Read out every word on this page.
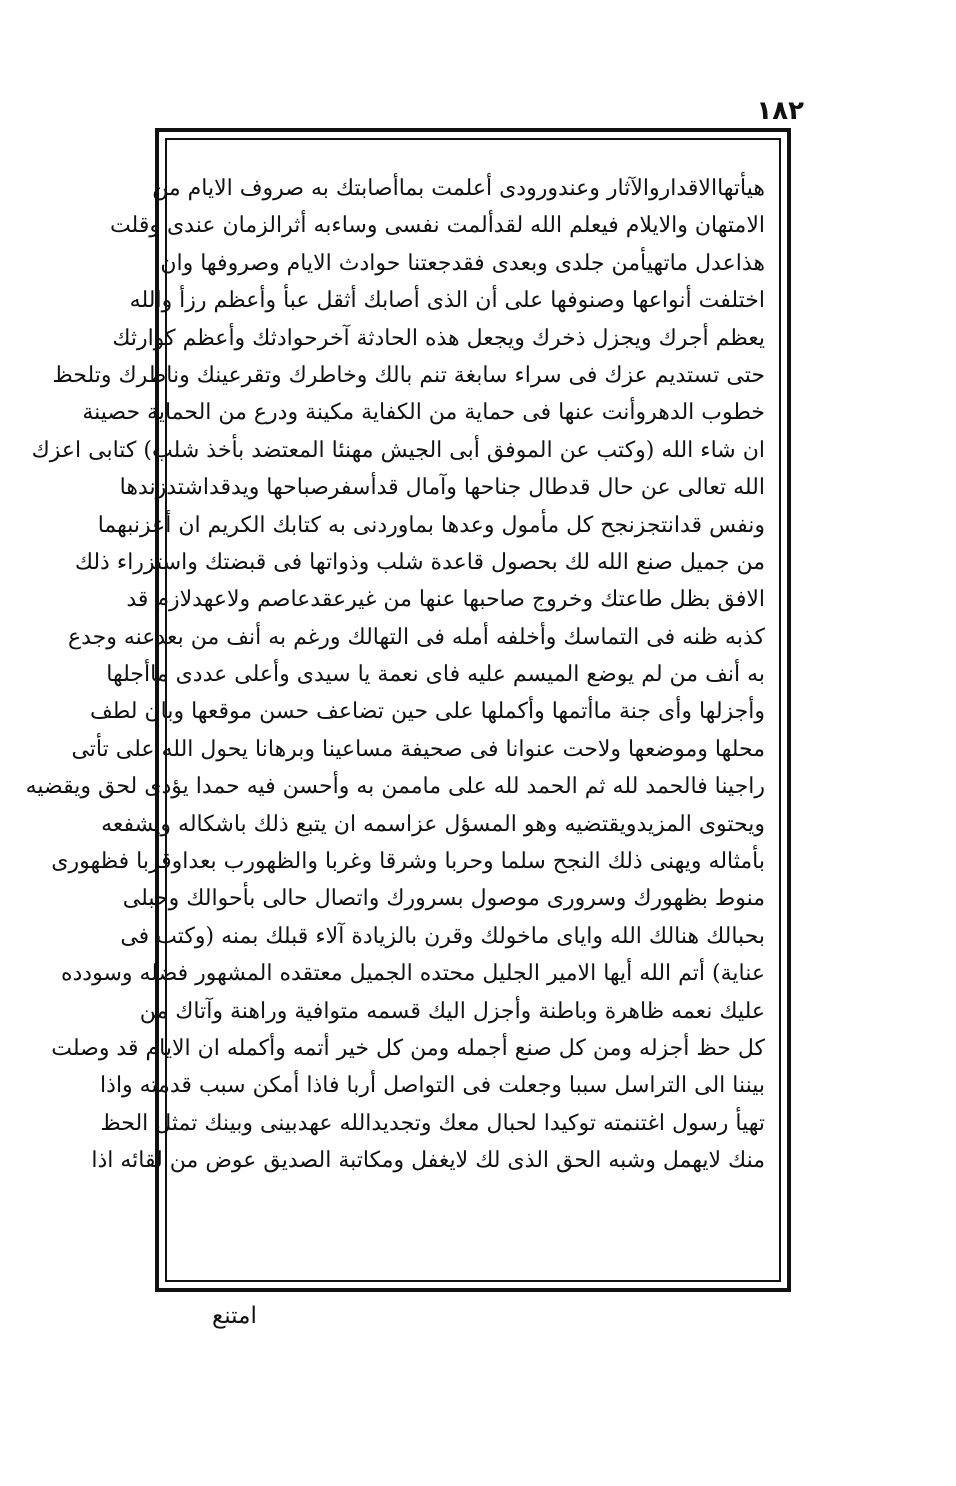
١٨٢
هيأتهاالاقداروالآثار وعندورودى أعلمت بماأصابتك به صروف الايام من
الامتهان والايلام فيعلم الله لقدألمت نفسى وساءبه أثرالزمان عندى وقلت
هذاعدل ماتهيأمن جلدى وبعدى فقدجعتنا حوادث الايام وصروفها وان
اختلفت أنواعها وصنوفها على أن الذى أصابك أثقل عبأ وأعظم رزأ والله
يعظم أجرك ويجزل ذخرك ويجعل هذه الحادثة آخرحوادثك وأعظم كوارثك
حتى تستديم عزك فى سراء سابغة تنم بالك وخاطرك وتقرعينك وناظرك وتلحظ
خطوب الدهروأنت عنها فى حماية من الكفاية مكينة ودرع من الحماية حصينة
ان شاء الله (وكتب عن الموفق أبى الجيش مهنئا المعتضد بأخذ شلب) كتابى اعزك
الله تعالى عن حال قدطال جناحها وآمال قدأسفرصباحها ويدقداشتدزندها
ونفس قدانتجزنجح كل مأمول وعدها بماوردنى به كتابك الكريم ان أعزنبهما
من جميل صنع الله لك بحصول قاعدة شلب وذواتها فى قبضتك واستزراء ذلك
الافق بظل طاعتك وخروج صاحبها عنها من غيرعقدعاصم ولاعهدلازم قد
كذبه ظنه فى التماسك وأخلفه أمله فى التهالك ورغم به أنف من بعدعنه وجدع
به أنف من لم يوضع الميسم عليه فاى نعمة يا سيدى وأعلى عددى ماأجلها
وأجزلها وأى جنة ماأتمها وأكملها على حين تضاعف حسن موقعها وبان لطف
محلها وموضعها ولاحت عنوانا فى صحيفة مساعينا وبرهانا يحول الله على تأتى
راجينا فالحمد لله ثم الحمد لله على ماممن به وأحسن فيه حمدا يؤدى لحق ويقضيه
ويحتوى المزيدويقتضيه وهو المسؤل عزاسمه ان يتبع ذلك باشكاله ويشفعه
بأمثاله ويهنى ذلك النجح سلما وحربا وشرقا وغربا والظهورب بعداوقربا فظهورى
منوط بظهورك وسرورى موصول بسرورك واتصال حالى بأحوالك وحبلى
بحبالك هنالك الله واياى ماخولك وقرن بالزيادة آلاء قبلك بمنه (وكتب فى
عناية) أتم الله أيها الامير الجليل محتده الجميل معتقده المشهور فضله وسودده
عليك نعمه ظاهرة وباطنة وأجزل اليك قسمه متوافية وراهنة وآتاك من
كل حظ أجزله ومن كل صنع أجمله ومن كل خير أتمه وأكمله ان الايام قد وصلت
بيننا الى التراسل سببا وجعلت فى التواصل أربا فاذا أمكن سبب قدمته واذا
تهيأ رسول اغتنمته توكيدا لحبال معك وتجديدالله عهدبينى وبينك تمثل الحظ
منك لايهمل وشبه الحق الذى لك لايغفل ومكاتبة الصديق عوض من لقائه اذا
امتنع
